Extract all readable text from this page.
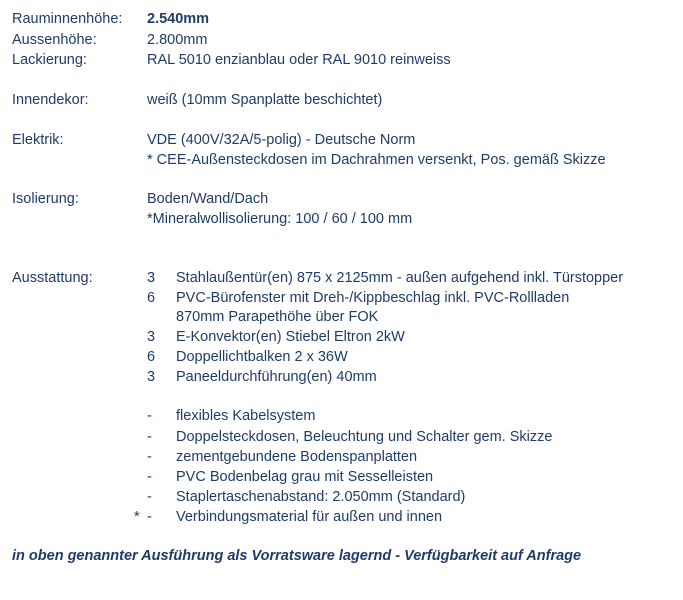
Rauminnenhöhe: 2.540mm
Aussenhöhe:	2.800mm
Lackierung:	RAL 5010 enzianblau oder RAL 9010 reinweiss
Innendekor:	weiß (10mm Spanplatte beschichtet)
Elektrik:	VDE (400V/32A/5-polig) - Deutsche Norm
* CEE-Außensteckdosen im Dachrahmen versenkt, Pos. gemäß Skizze
Isolierung:	Boden/Wand/Dach
*Mineralwollisolierung: 100 / 60 / 100 mm
Ausstattung:	3 Stahlaußentür(en) 875 x 2125mm - außen aufgehend inkl. Türstopper
6 PVC-Bürofenster mit Dreh-/Kippbeschlag inkl. PVC-Rollladen
870mm Parapethöhe über FOK
3 E-Konvektor(en) Stiebel Eltron 2kW
6 Doppellichtbalken 2 x 36W
3 Paneeldurchführung(en) 40mm
- flexibles Kabelsystem
- Doppelsteckdosen, Beleuchtung und Schalter gem. Skizze
- zementgebundene Bodenspanplatten
- PVC Bodenbelag grau mit Sesselleisten
- Staplertaschenabstand: 2.050mm (Standard)
* - Verbindungsmaterial für außen und innen
in oben genannter Ausführung als Vorratsware lagernd - Verfügbarkeit auf Anfrage
